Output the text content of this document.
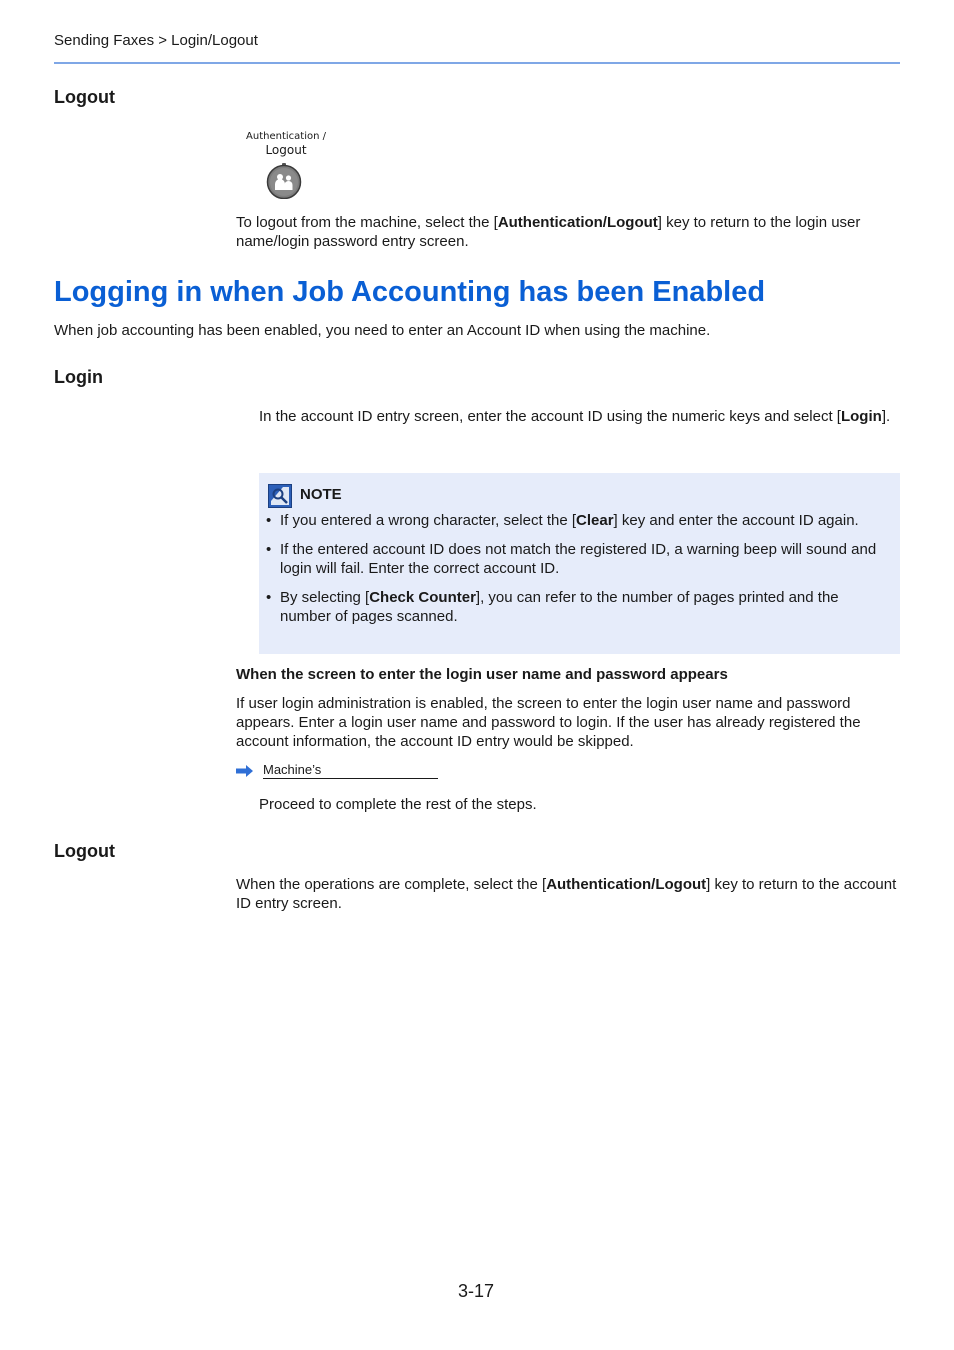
Sending Faxes > Login/Logout
Logout
Authentication /
Logout
To logout from the machine, select the [Authentication/Logout] key to return to the login user name/login password entry screen.
Logging in when Job Accounting has been Enabled
When job accounting has been enabled, you need to enter an Account ID when using the machine.
Login
In the account ID entry screen, enter the account ID using the numeric keys and select [Login].
NOTE
• If you entered a wrong character, select the [Clear] key and enter the account ID again.
• If the entered account ID does not match the registered ID, a warning beep will sound and login will fail. Enter the correct account ID.
• By selecting [Check Counter], you can refer to the number of pages printed and the number of pages scanned.
When the screen to enter the login user name and password appears
If user login administration is enabled, the screen to enter the login user name and password appears. Enter a login user name and password to login. If the user has already registered the account information, the account ID entry would be skipped.
Machine’s
Proceed to complete the rest of the steps.
Logout
When the operations are complete, select the [Authentication/Logout] key to return to the account ID entry screen.
3-17
